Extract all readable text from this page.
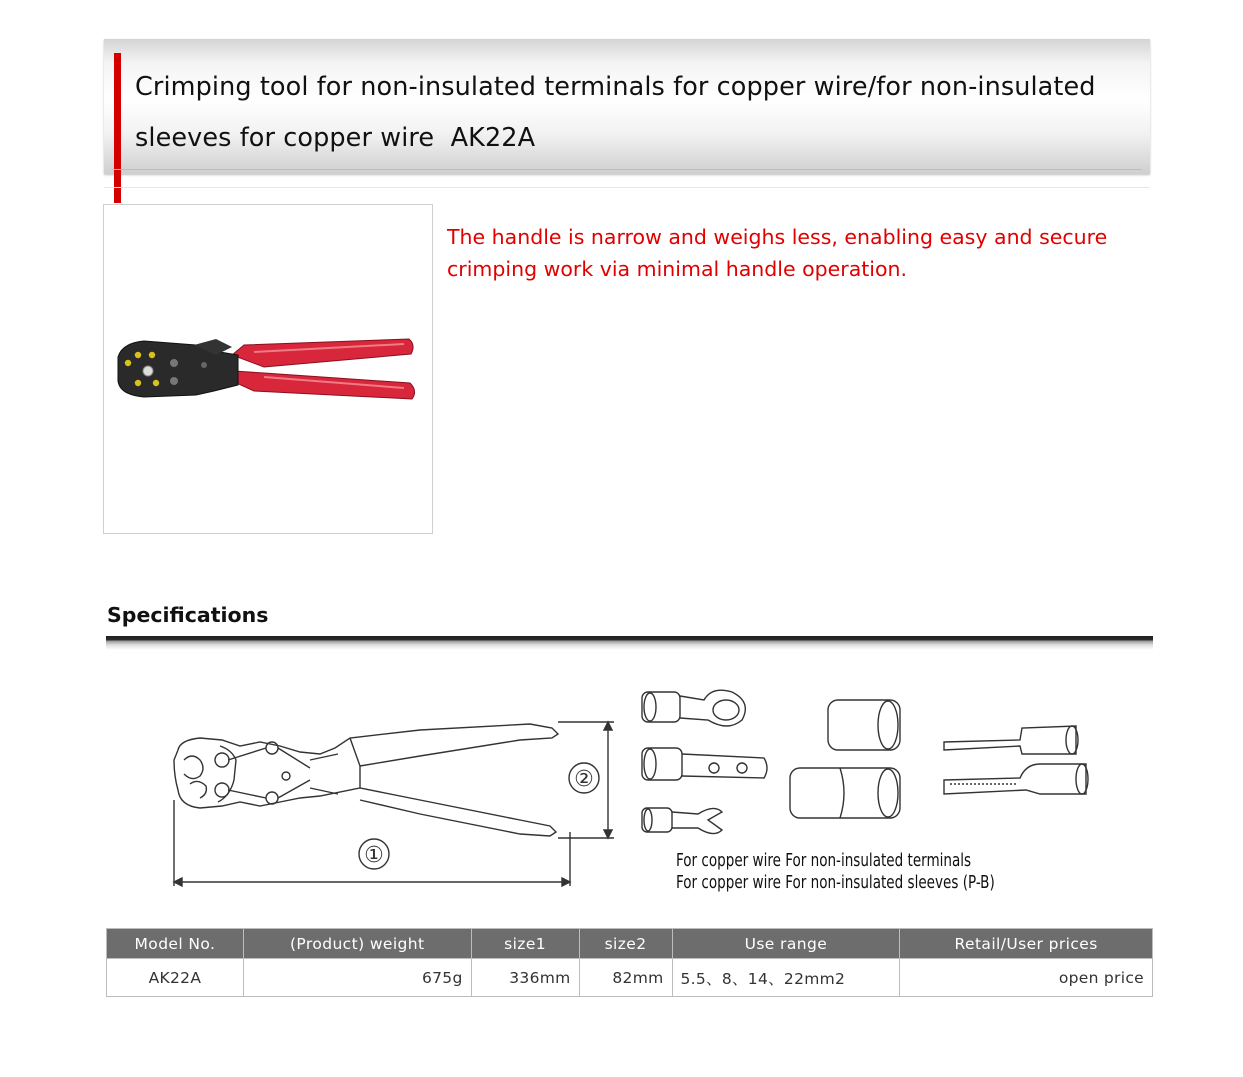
Crimping tool for non-insulated terminals for copper wire/for non-insulated
sleeves for copper wire  AK22A
The handle is narrow and weighs less, enabling easy and secure
crimping work via minimal handle operation.
Specifications
①
②
For copper wire For non-insulated terminals
For copper wire For non-insulated sleeves (P-B)
Model No.	(Product) weight	size1	size2	Use range	Retail/User prices
AK22A	675g	336mm	82mm	5.5、8、14、22mm2	open price
